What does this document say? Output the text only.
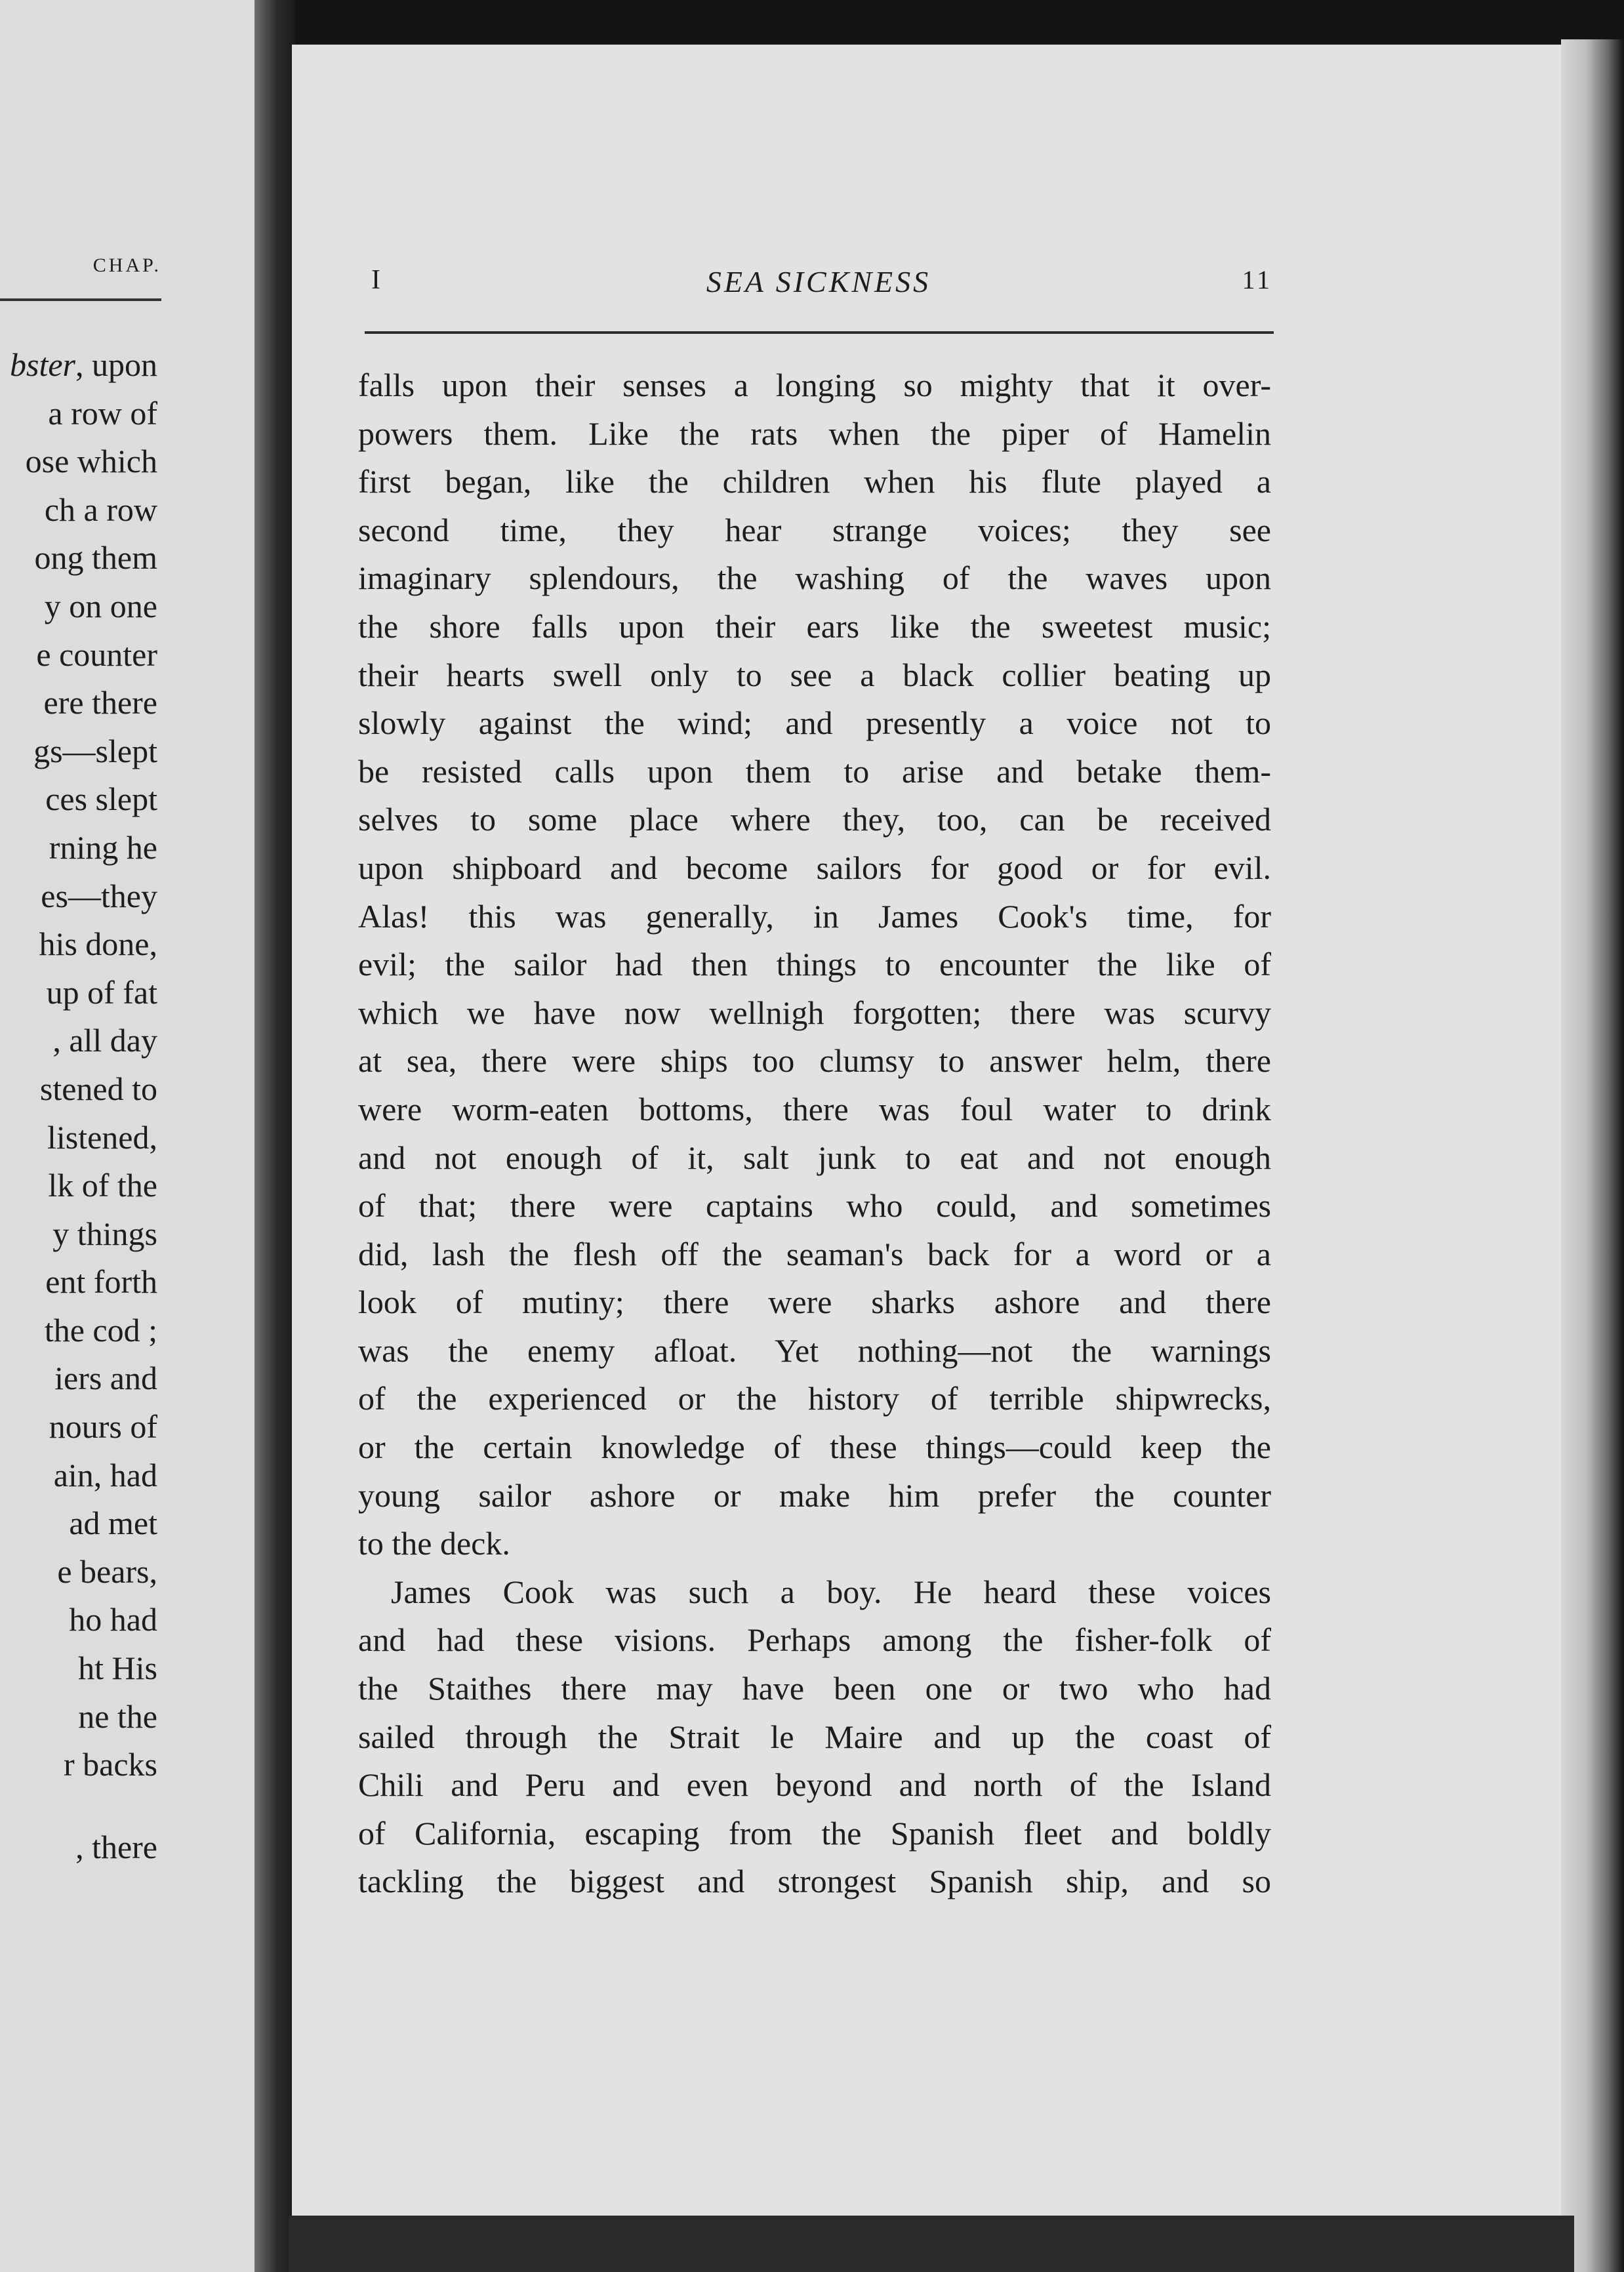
CHAP.
bster, upon
a row of
ose which
ch a row
ong them
y on one
e counter
ere there
gs—slept
ces slept
rning he
es—they
his done,
up of fat
, all day
stened to
listened,
lk of the
y things
ent forth
the cod ;
iers and
nours of
ain, had
ad met
e bears,
ho had
ht His
ne the
r backs
, there
I	SEA SICKNESS	11
falls upon their senses a longing so mighty that it over-
powers them. Like the rats when the piper of Hamelin
first began, like the children when his flute played a
second time, they hear strange voices; they see
imaginary splendours, the washing of the waves upon
the shore falls upon their ears like the sweetest music;
their hearts swell only to see a black collier beating up
slowly against the wind; and presently a voice not to
be resisted calls upon them to arise and betake them-
selves to some place where they, too, can be received
upon shipboard and become sailors for good or for evil.
Alas! this was generally, in James Cook's time, for
evil; the sailor had then things to encounter the like of
which we have now wellnigh forgotten; there was scurvy
at sea, there were ships too clumsy to answer helm, there
were worm-eaten bottoms, there was foul water to drink
and not enough of it, salt junk to eat and not enough
of that; there were captains who could, and sometimes
did, lash the flesh off the seaman's back for a word or a
look of mutiny; there were sharks ashore and there
was the enemy afloat. Yet nothing—not the warnings
of the experienced or the history of terrible shipwrecks,
or the certain knowledge of these things—could keep the
young sailor ashore or make him prefer the counter
to the deck.
James Cook was such a boy. He heard these voices
and had these visions. Perhaps among the fisher-folk of
the Staithes there may have been one or two who had
sailed through the Strait le Maire and up the coast of
Chili and Peru and even beyond and north of the Island
of California, escaping from the Spanish fleet and boldly
tackling the biggest and strongest Spanish ship, and so
